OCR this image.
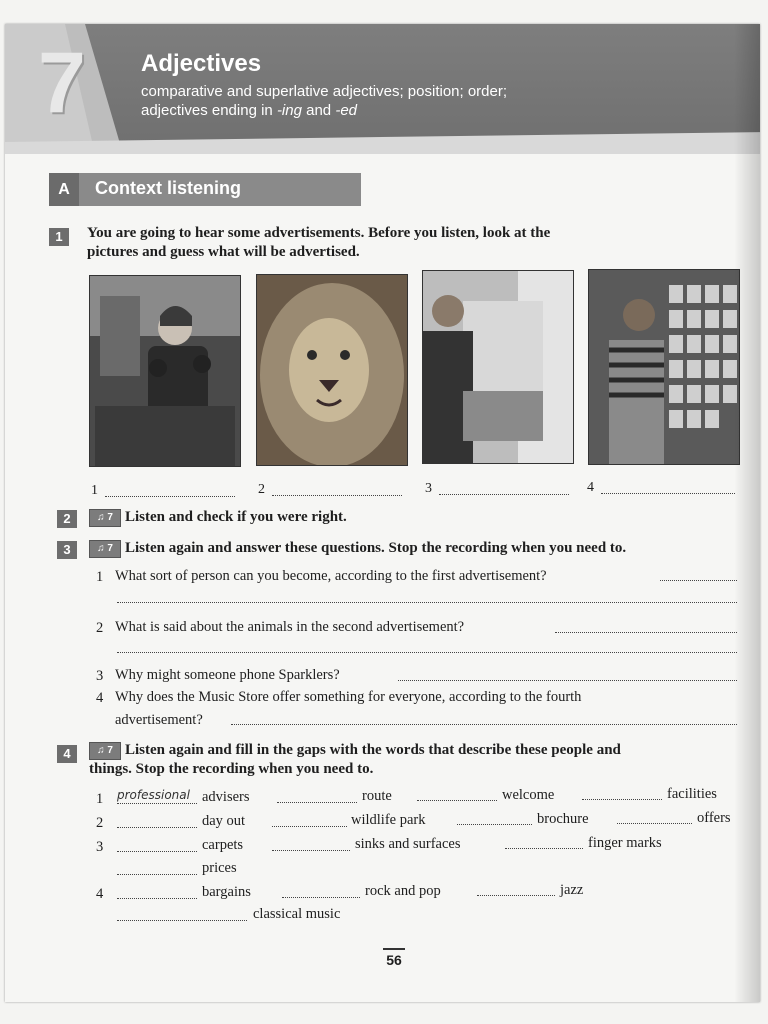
7 Adjectives
comparative and superlative adjectives; position; order;
adjectives ending in -ing and -ed
A	Context listening
1	You are going to hear some advertisements. Before you listen, look at the
pictures and guess what will be advertised.
1	2	3	4
2	♫ 7 Listen and check if you were right.
3	♫ 7 Listen again and answer these questions. Stop the recording when you need to.
1 What sort of person can you become, according to the first advertisement?
2 What is said about the animals in the second advertisement?
3 Why might someone phone Sparklers?
4 Why does the Music Store offer something for everyone, according to the fourth
advertisement?
4	♫ 7 Listen again and fill in the gaps with the words that describe these people and
things. Stop the recording when you need to.
1 professional advisers	route	welcome	facilities
2	day out	wildlife park	brochure	offers
3	carpets	sinks and surfaces	finger marks
prices
4	bargains	rock and pop	jazz
classical music
56
